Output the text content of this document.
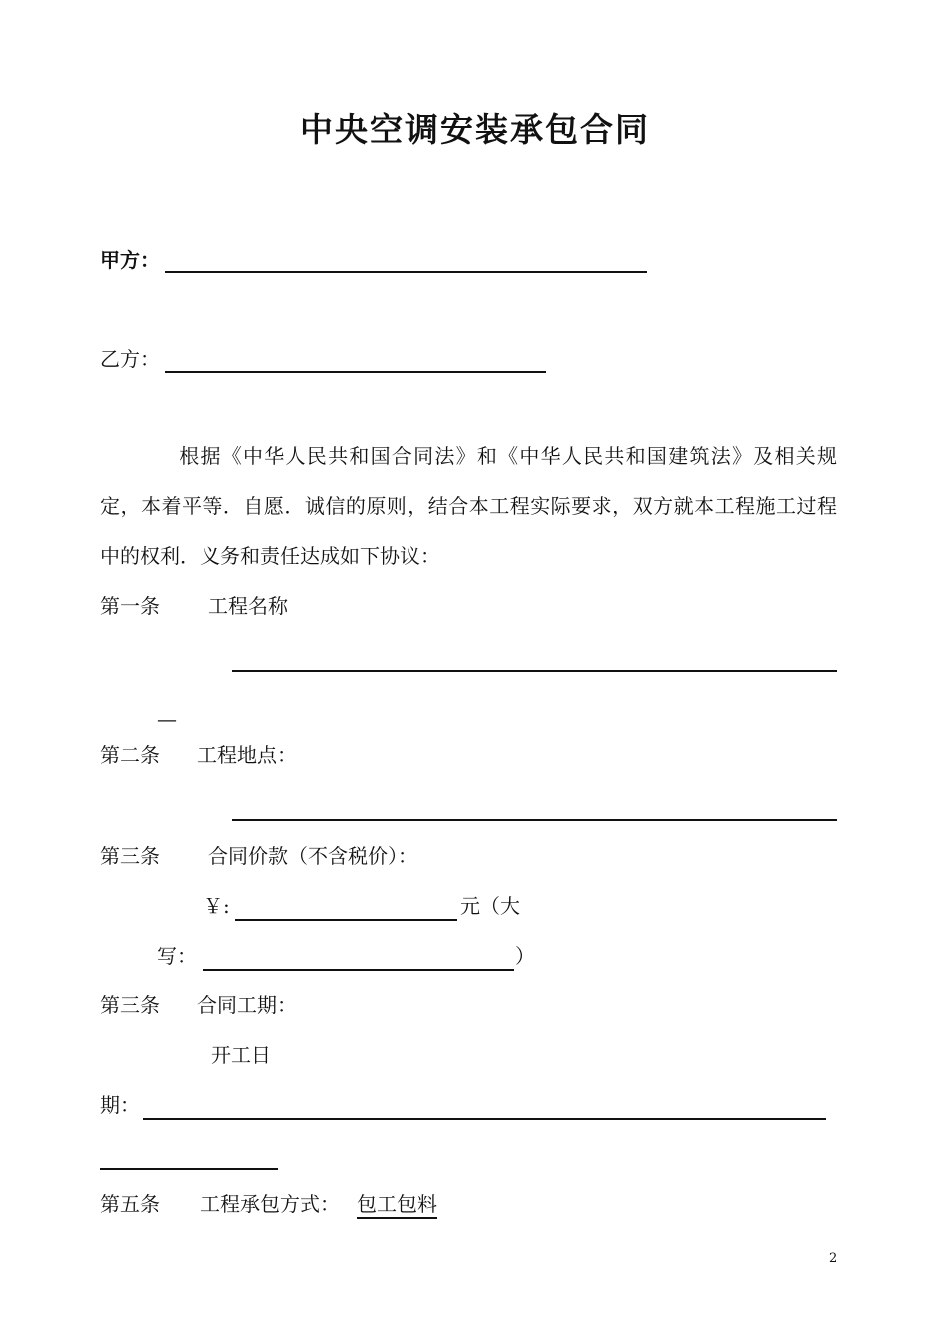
中央空调安装承包合同
甲方：
乙方：
根据《中华人民共和国合同法》和《中华人民共和国建筑法》及相关规定，本着平等．自愿．诚信的原则，结合本工程实际要求，双方就本工程施工过程中的权利．义务和责任达成如下协议：
第一条 工程名称
—
第二条 工程地点：
第三条 合同价款（不含税价）：
￥:	元（大
写：	）
第三条 合同工期：
开工日
期：
第五条 工程承包方式： 包工包料
2
